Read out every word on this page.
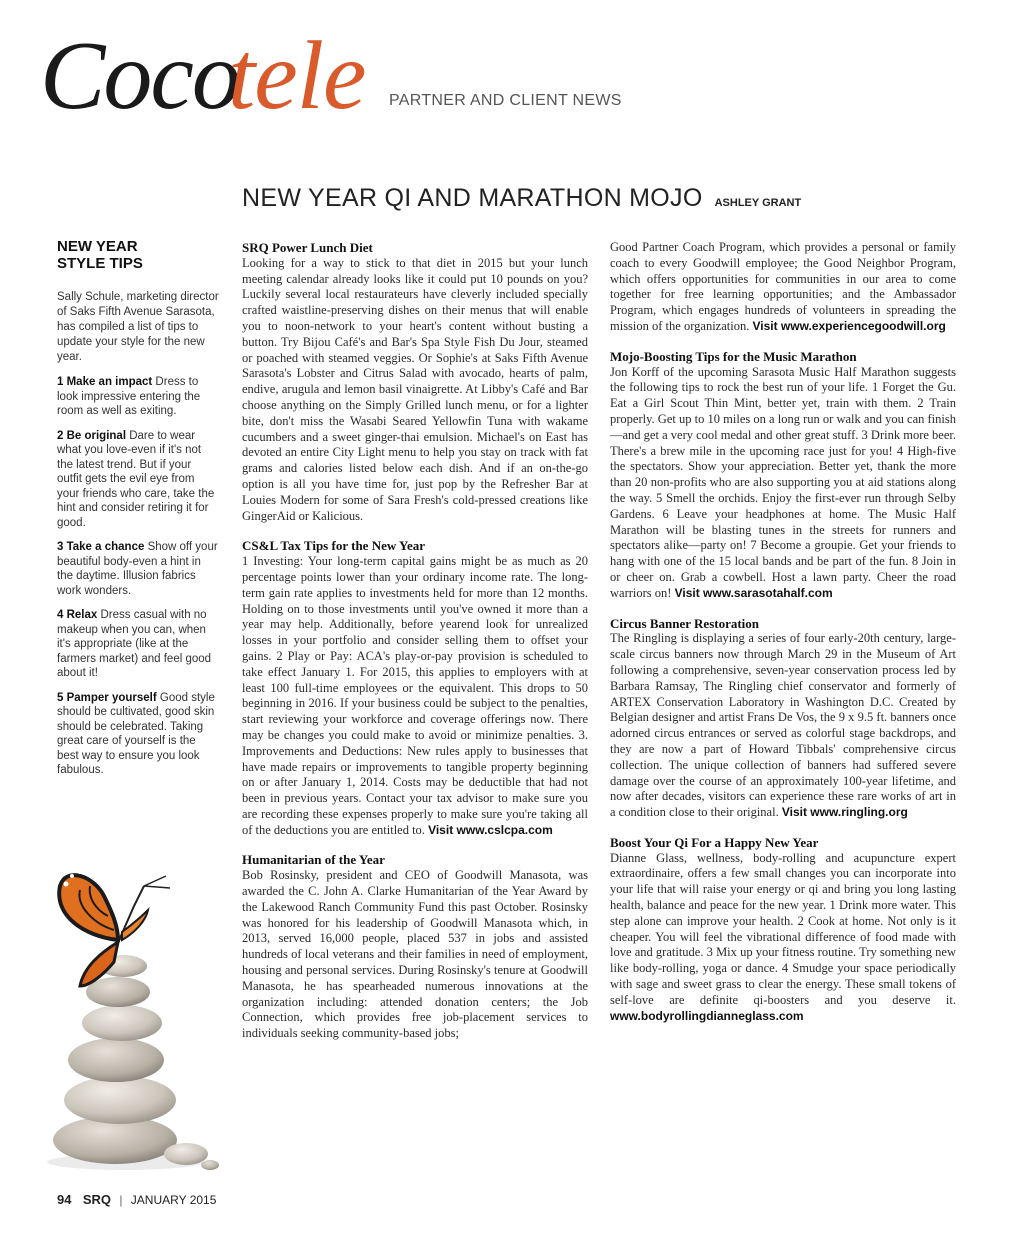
Coco
tele PARTNER AND CLIENT NEWS
NEW YEAR QI AND MARATHON MOJO ASHLEY GRANT
NEW YEAR STYLE TIPS
Sally Schule, marketing director of Saks Fifth Avenue Sarasota, has compiled a list of tips to update your style for the new year.
1 Make an impact Dress to look impressive entering the room as well as exiting.
2 Be original Dare to wear what you love-even if it's not the latest trend. But if your outfit gets the evil eye from your friends who care, take the hint and consider retiring it for good.
3 Take a chance Show off your beautiful body-even a hint in the daytime. Illusion fabrics work wonders.
4 Relax Dress casual with no makeup when you can, when it's appropriate (like at the farmers market) and feel good about it!
5 Pamper yourself Good style should be cultivated, good skin should be celebrated. Taking great care of yourself is the best way to ensure you look fabulous.
SRQ Power Lunch Diet

Looking for a way to stick to that diet in 2015 but your lunch meeting calendar already looks like it could put 10 pounds on you? Luckily several local restaurateurs have cleverly included specially crafted waistline-preserving dishes on their menus that will enable you to noon-network to your heart's content without busting a button. Try Bijou Café's and Bar's Spa Style Fish Du Jour, steamed or poached with steamed veggies. Or Sophie's at Saks Fifth Avenue Sarasota's Lobster and Citrus Salad with avocado, hearts of palm, endive, arugula and lemon basil vinaigrette. At Libby's Café and Bar choose anything on the Simply Grilled lunch menu, or for a lighter bite, don't miss the Wasabi Seared Yellowfin Tuna with wakame cucumbers and a sweet ginger-thai emulsion. Michael's on East has devoted an entire City Light menu to help you stay on track with fat grams and calories listed below each dish. And if an on-the-go option is all you have time for, just pop by the Refresher Bar at Louies Modern for some of Sara Fresh's cold-pressed creations like GingerAid or Kalicious.

CS&L Tax Tips for the New Year

1 Investing: Your long-term capital gains might be as much as 20 percentage points lower than your ordinary income rate. The long-term gain rate applies to investments held for more than 12 months. Holding on to those investments until you've owned it more than a year may help. Additionally, before yearend look for unrealized losses in your portfolio and consider selling them to offset your gains. 2 Play or Pay: ACA's play-or-pay provision is scheduled to take effect January 1. For 2015, this applies to employers with at least 100 full-time employees or the equivalent. This drops to 50 beginning in 2016. If your business could be subject to the penalties, start reviewing your workforce and coverage offerings now. There may be changes you could make to avoid or minimize penalties. 3. Improvements and Deductions: New rules apply to businesses that have made repairs or improvements to tangible property beginning on or after January 1, 2014. Costs may be deductible that had not been in previous years. Contact your tax advisor to make sure you are recording these expenses properly to make sure you're taking all of the deductions you are entitled to. Visit www.cslcpa.com

Humanitarian of the Year

Bob Rosinsky, president and CEO of Goodwill Manasota, was awarded the C. John A. Clarke Humanitarian of the Year Award by the Lakewood Ranch Community Fund this past October. Rosinsky was honored for his leadership of Goodwill Manasota which, in 2013, served 16,000 people, placed 537 in jobs and assisted hundreds of local veterans and their families in need of employment, housing and personal services. During Rosinsky's tenure at Goodwill Manasota, he has spearheaded numerous innovations at the organization including: attended donation centers; the Job Connection, which provides free job-placement services to individuals seeking community-based jobs;

Good Partner Coach Program, which provides a personal or family coach to every Goodwill employee; the Good Neighbor Program, which offers opportunities for communities in our area to come together for free learning opportunities; and the Ambassador Program, which engages hundreds of volunteers in spreading the mission of the organization. Visit www.experiencegoodwill.org

Mojo-Boosting Tips for the Music Marathon

Jon Korff of the upcoming Sarasota Music Half Marathon suggests the following tips to rock the best run of your life. 1 Forget the Gu. Eat a Girl Scout Thin Mint, better yet, train with them. 2 Train properly. Get up to 10 miles on a long run or walk and you can finish—and get a very cool medal and other great stuff. 3 Drink more beer. There's a brew mile in the upcoming race just for you! 4 High-five the spectators. Show your appreciation. Better yet, thank the more than 20 non-profits who are also supporting you at aid stations along the way. 5 Smell the orchids. Enjoy the first-ever run through Selby Gardens. 6 Leave your headphones at home. The Music Half Marathon will be blasting tunes in the streets for runners and spectators alike—party on! 7 Become a groupie. Get your friends to hang with one of the 15 local bands and be part of the fun. 8 Join in or cheer on. Grab a cowbell. Host a lawn party. Cheer the road warriors on! Visit www.sarasotahalf.com

Circus Banner Restoration

The Ringling is displaying a series of four early-20th century, large-scale circus banners now through March 29 in the Museum of Art following a comprehensive, seven-year conservation process led by Barbara Ramsay, The Ringling chief conservator and formerly of ARTEX Conservation Laboratory in Washington D.C. Created by Belgian designer and artist Frans De Vos, the 9 x 9.5 ft. banners once adorned circus entrances or served as colorful stage backdrops, and they are now a part of Howard Tibbals' comprehensive circus collection. The unique collection of banners had suffered severe damage over the course of an approximately 100-year lifetime, and now after decades, visitors can experience these rare works of art in a condition close to their original. Visit www.ringling.org

Boost Your Qi For a Happy New Year

Dianne Glass, wellness, body-rolling and acupuncture expert extraordinaire, offers a few small changes you can incorporate into your life that will raise your energy or qi and bring you long lasting health, balance and peace for the new year. 1 Drink more water. This step alone can improve your health. 2 Cook at home. Not only is it cheaper. You will feel the vibrational difference of food made with love and gratitude. 3 Mix up your fitness routine. Try something new like body-rolling, yoga or dance. 4 Smudge your space periodically with sage and sweet grass to clear the energy. These small tokens of self-love are definite qi-boosters and you deserve it. www.bodyrollingdianneglass.com

94 SRQ | JANUARY 2015
